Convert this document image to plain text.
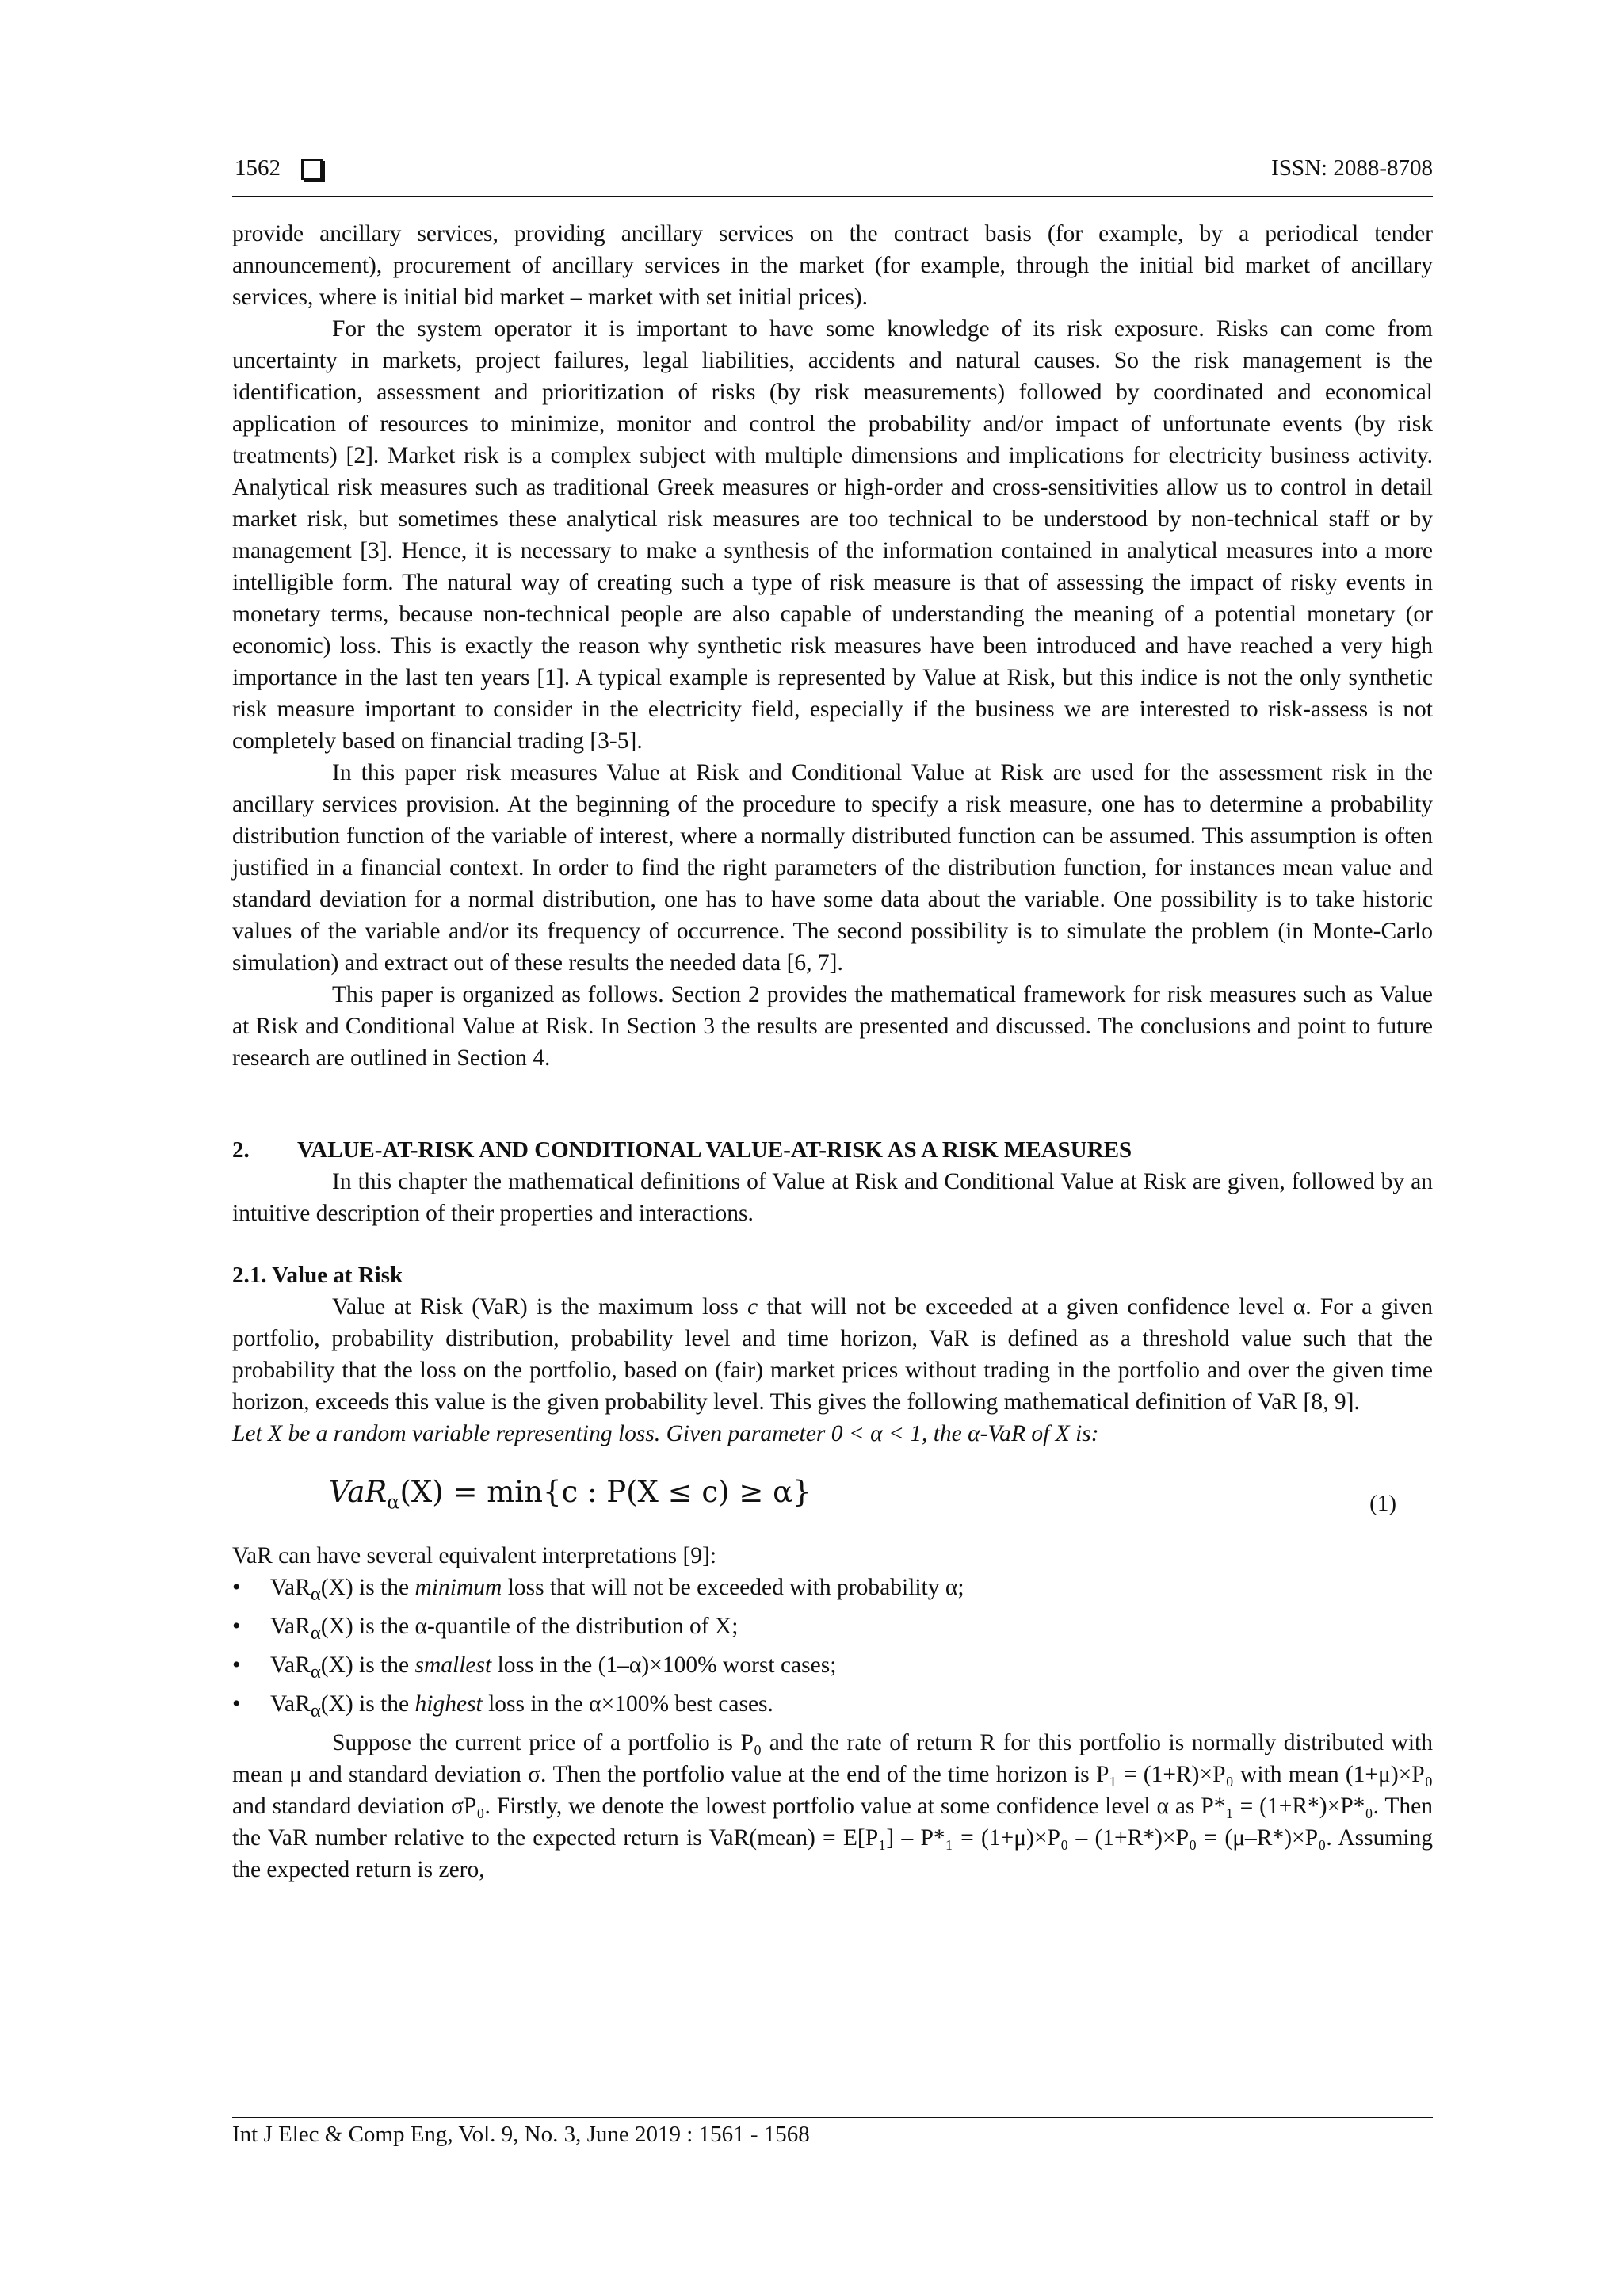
1562	ISSN: 2088-8708

provide ancillary services, providing ancillary services on the contract basis (for example, by a periodical tender announcement), procurement of ancillary services in the market (for example, through the initial bid market of ancillary services, where is initial bid market – market with set initial prices).

For the system operator it is important to have some knowledge of its risk exposure. Risks can come from uncertainty in markets, project failures, legal liabilities, accidents and natural causes. So the risk management is the identification, assessment and prioritization of risks (by risk measurements) followed by coordinated and economical application of resources to minimize, monitor and control the probability and/or impact of unfortunate events (by risk treatments) [2]. Market risk is a complex subject with multiple dimensions and implications for electricity business activity. Analytical risk measures such as traditional Greek measures or high-order and cross-sensitivities allow us to control in detail market risk, but sometimes these analytical risk measures are too technical to be understood by non-technical staff or by management [3]. Hence, it is necessary to make a synthesis of the information contained in analytical measures into a more intelligible form. The natural way of creating such a type of risk measure is that of assessing the impact of risky events in monetary terms, because non-technical people are also capable of understanding the meaning of a potential monetary (or economic) loss. This is exactly the reason why synthetic risk measures have been introduced and have reached a very high importance in the last ten years [1]. A typical example is represented by Value at Risk, but this indice is not the only synthetic risk measure important to consider in the electricity field, especially if the business we are interested to risk-assess is not completely based on financial trading [3-5].

In this paper risk measures Value at Risk and Conditional Value at Risk are used for the assessment risk in the ancillary services provision. At the beginning of the procedure to specify a risk measure, one has to determine a probability distribution function of the variable of interest, where a normally distributed function can be assumed. This assumption is often justified in a financial context. In order to find the right parameters of the distribution function, for instances mean value and standard deviation for a normal distribution, one has to have some data about the variable. One possibility is to take historic values of the variable and/or its frequency of occurrence. The second possibility is to simulate the problem (in Monte-Carlo simulation) and extract out of these results the needed data [6, 7].

This paper is organized as follows. Section 2 provides the mathematical framework for risk measures such as Value at Risk and Conditional Value at Risk. In Section 3 the results are presented and discussed. The conclusions and point to future research are outlined in Section 4.

2.	VALUE-AT-RISK AND CONDITIONAL VALUE-AT-RISK AS A RISK MEASURES

In this chapter the mathematical definitions of Value at Risk and Conditional Value at Risk are given, followed by an intuitive description of their properties and interactions.

2.1. Value at Risk

Value at Risk (VaR) is the maximum loss c that will not be exceeded at a given confidence level α. For a given portfolio, probability distribution, probability level and time horizon, VaR is defined as a threshold value such that the probability that the loss on the portfolio, based on (fair) market prices without trading in the portfolio and over the given time horizon, exceeds this value is the given probability level. This gives the following mathematical definition of VaR [8, 9].

Let X be a random variable representing loss. Given parameter 0 < α < 1, the α-VaR of X is:

VaR$_\alpha$(X) = min{c : P(X ≤ c) ≥ α}	(1)

VaR can have several equivalent interpretations [9]:

• VaR$_\alpha$(X) is the minimum loss that will not be exceeded with probability α;
• VaR$_\alpha$(X) is the α-quantile of the distribution of X;
• VaR$_\alpha$(X) is the smallest loss in the (1–α)×100% worst cases;
• VaR$_\alpha$(X) is the highest loss in the α×100% best cases.

Suppose the current price of a portfolio is P₀ and the rate of return R for this portfolio is normally distributed with mean μ and standard deviation σ. Then the portfolio value at the end of the time horizon is P₁ = (1+R)×P₀ with mean (1+μ)×P₀ and standard deviation σP₀. Firstly, we denote the lowest portfolio value at some confidence level α as P*₁ = (1+R*)×P*₀. Then the VaR number relative to the expected return is VaR(mean) = E[P₁] – P*₁ = (1+μ)×P₀ – (1+R*)×P₀ = (μ–R*)×P₀. Assuming the expected return is zero,

Int J Elec & Comp Eng, Vol. 9, No. 3, June 2019 : 1561 - 1568
